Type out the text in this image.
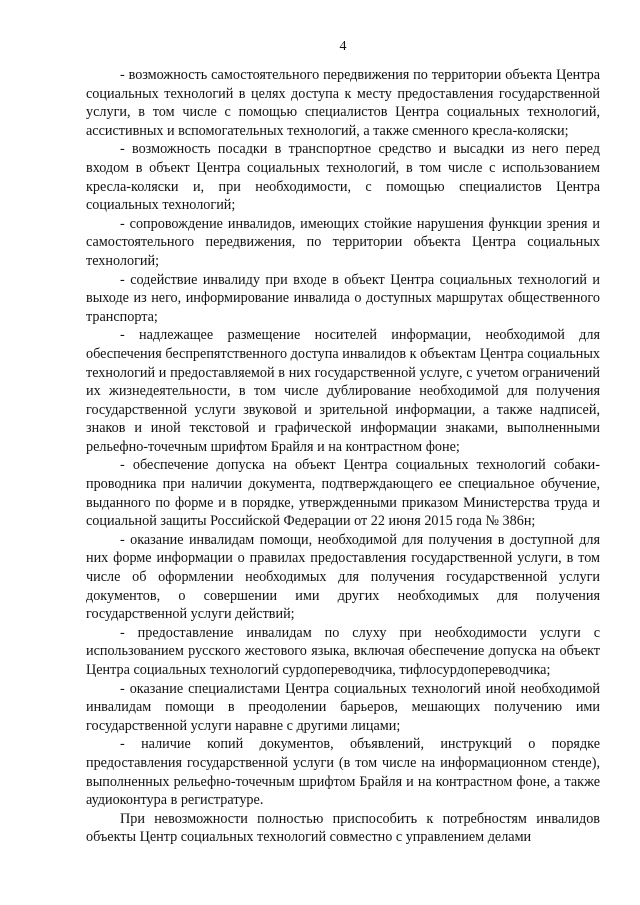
4

- возможность самостоятельного передвижения по территории объекта Центра социальных технологий в целях доступа к месту предоставления государственной услуги, в том числе с помощью специалистов Центра социальных технологий, ассистивных и вспомогательных технологий, а также сменного кресла-коляски;

- возможность посадки в транспортное средство и высадки из него перед входом в объект Центра социальных технологий, в том числе с использованием кресла-коляски и, при необходимости, с помощью специалистов Центра социальных технологий;

- сопровождение инвалидов, имеющих стойкие нарушения функции зрения и самостоятельного передвижения, по территории объекта Центра социальных технологий;

- содействие инвалиду при входе в объект Центра социальных технологий и выходе из него, информирование инвалида о доступных маршрутах общественного транспорта;

- надлежащее размещение носителей информации, необходимой для обеспечения беспрепятственного доступа инвалидов к объектам Центра социальных технологий и предоставляемой в них государственной услуге, с учетом ограничений их жизнедеятельности, в том числе дублирование необходимой для получения государственной услуги звуковой и зрительной информации, а также надписей, знаков и иной текстовой и графической информации знаками, выполненными рельефно-точечным шрифтом Брайля и на контрастном фоне;

- обеспечение допуска на объект Центра социальных технологий собаки-проводника при наличии документа, подтверждающего ее специальное обучение, выданного по форме и в порядке, утвержденными приказом Министерства труда и социальной защиты Российской Федерации от 22 июня 2015 года № 386н;

- оказание инвалидам помощи, необходимой для получения в доступной для них форме информации о правилах предоставления государственной услуги, в том числе об оформлении необходимых для получения государственной услуги документов, о совершении ими других необходимых для получения государственной услуги действий;

- предоставление инвалидам по слуху при необходимости услуги с использованием русского жестового языка, включая обеспечение допуска на объект Центра социальных технологий сурдопереводчика, тифлосурдопереводчика;

- оказание специалистами Центра социальных технологий иной необходимой инвалидам помощи в преодолении барьеров, мешающих получению ими государственной услуги наравне с другими лицами;

- наличие копий документов, объявлений, инструкций о порядке предоставления государственной услуги (в том числе на информационном стенде), выполненных рельефно-точечным шрифтом Брайля и на контрастном фоне, а также аудиоконтура в регистратуре.

При невозможности полностью приспособить к потребностям инвалидов объекты Центр социальных технологий совместно с управлением делами
